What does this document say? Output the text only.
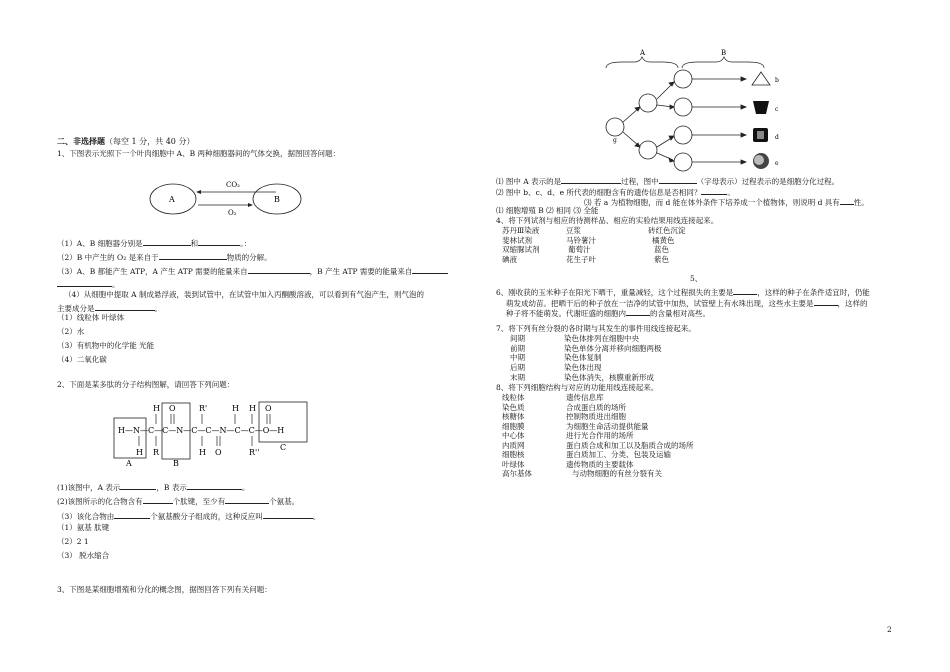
二、非选择题（每空 1 分，共 40 分）
1、下图表示光照下一个叶肉细胞中 A、B 两种细胞器间的气体交换，据图回答问题：
A	B
CO₂
O₂
（1）A、B 细胞器分别是	和	。：
（2）B 中产生的 O₂ 是来自于	物质的分解。
（3）A、B 都能产生 ATP，A 产生 ATP 需要的能量来自	，B 产生 ATP 需要的能量来自
。
（4）从细胞中提取 A 制成悬浮液，装到试管中，在试管中加入丙酮酸溶液，可以看到有气泡产生，则气泡的
主要成分是	。
（1）线粒体 叶绿体
（2）水
（3）有机物中的化学能 光能
（4）二氧化碳
2、下面是某多肽的分子结构图解，请回答下列问题：
H O	R'	H H O
H—N—C—C—N—C—C—N—C—C—O—H
H R	H O	R''
A	B
C
(1)该图中，A 表示	，B 表示	。
(2)该图所示的化合物含有	个肽键，至少有	个氨基。
（3）该化合物由	个氨基酸分子组成的，这种反应叫	。
（1）氨基 肽键
（2）2 1
（3） 脱水缩合
3、下图是某细胞增殖和分化的概念图，据图回答下列有关问题：
A	B
g
b
c
d
e
⑴ 图中 A 表示的是	过程，图中	（字母表示）过程表示的是细胞分化过程。
⑵ 图中 b、c、d、e 所代表的细胞含有的遗传信息是否相同？	。
⑶ 若 a 为植物细胞，而 d 能在体外条件下培养成一个植物体，则说明 d 具有 性。
⑴ 细胞增殖 B ⑵ 相同 ⑶ 全能
4、将下列试剂与相应的待测样品、相应的实验结果用线连接起来。
苏丹Ⅲ染液	豆浆	砖红色沉淀
斐林试剂	马铃薯汁	橘黄色
双缩脲试剂	葡萄汁	蓝色
碘液	花生子叶	紫色
5、
6、刚收获的玉米种子在阳光下晒干，重量减轻，这个过程损失的主要是	，这样的种子在条件适宜时，仍能
萌发成幼苗。把晒干后的种子放在一洁净的试管中加热，试管壁上有水珠出现，这些水主要是	，这样的
种子将不能萌发。代谢旺盛的细胞内	的含量相对高些。
7、将下列有丝分裂的各时期与其发生的事件用线连接起来。
间期	染色体排列在细胞中央
前期	染色单体分离并移向细胞两极
中期	染色体复制
后期	染色体出现
末期	染色体消失，核膜重新形成
8、将下列细胞结构与对应的功能用线连接起来。
线粒体	遗传信息库
染色质	合成蛋白质的场所
核糖体	控制物质进出细胞
细胞膜	为细胞生命活动提供能量
中心体	进行光合作用的场所
内质网	蛋白质合成和加工以及脂质合成的场所
细胞核	蛋白质加工、分类、包装及运输
叶绿体	遗传物质的主要载体
高尔基体	与动物细胞的有丝分裂有关
2
